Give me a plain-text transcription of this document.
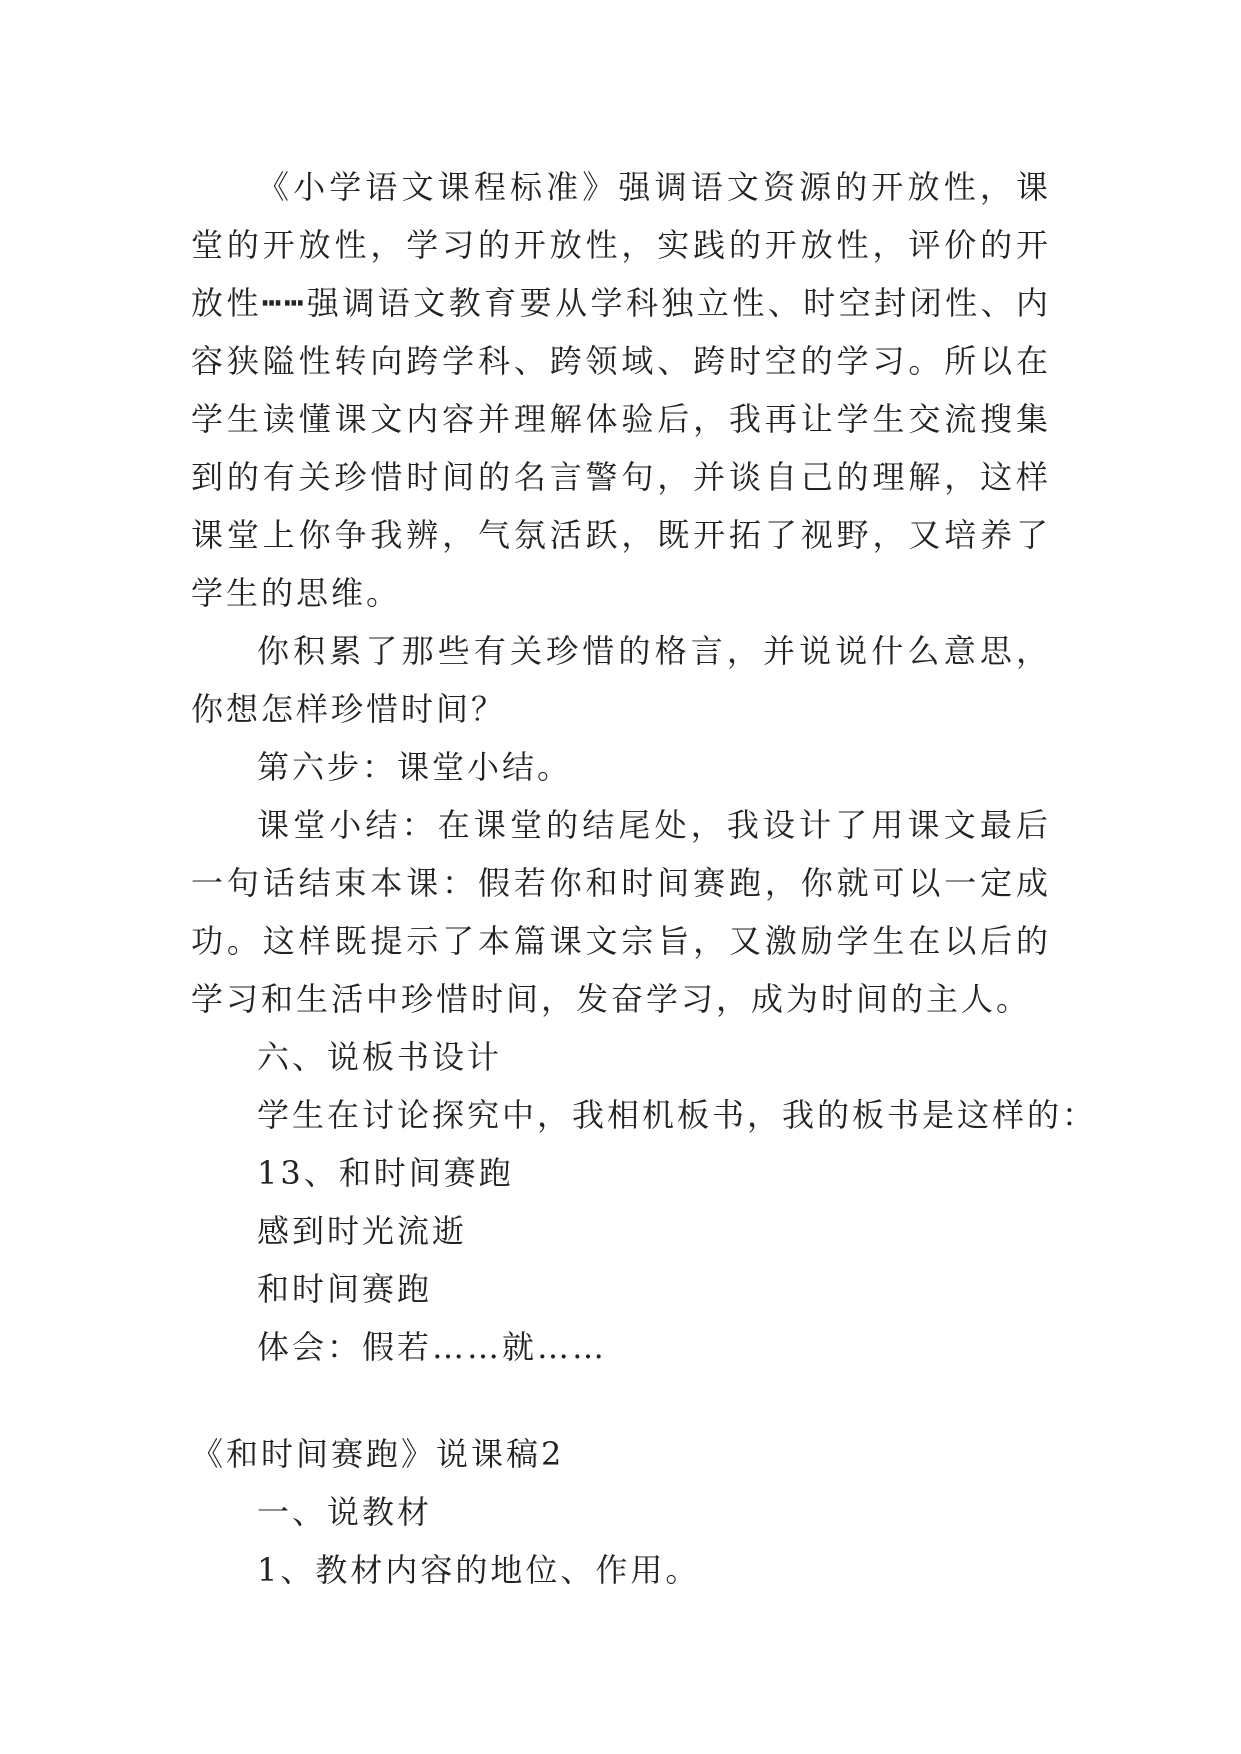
《小学语文课程标准》强调语文资源的开放性，课堂的开放性，学习的开放性，实践的开放性，评价的开放性┅┅强调语文教育要从学科独立性、时空封闭性、内容狭隘性转向跨学科、跨领域、跨时空的学习。所以在学生读懂课文内容并理解体验后，我再让学生交流搜集到的有关珍惜时间的名言警句，并谈自己的理解，这样课堂上你争我辨，气氛活跃，既开拓了视野，又培养了学生的思维。

你积累了那些有关珍惜的格言，并说说什么意思，你想怎样珍惜时间？

第六步：课堂小结。

课堂小结：在课堂的结尾处，我设计了用课文最后一句话结束本课：假若你和时间赛跑，你就可以一定成功。这样既提示了本篇课文宗旨，又激励学生在以后的学习和生活中珍惜时间，发奋学习，成为时间的主人。

六、说板书设计

学生在讨论探究中，我相机板书，我的板书是这样的：

13、和时间赛跑

感到时光流逝

和时间赛跑

体会：假若……就……

《和时间赛跑》说课稿2

一、说教材

1、教材内容的地位、作用。
